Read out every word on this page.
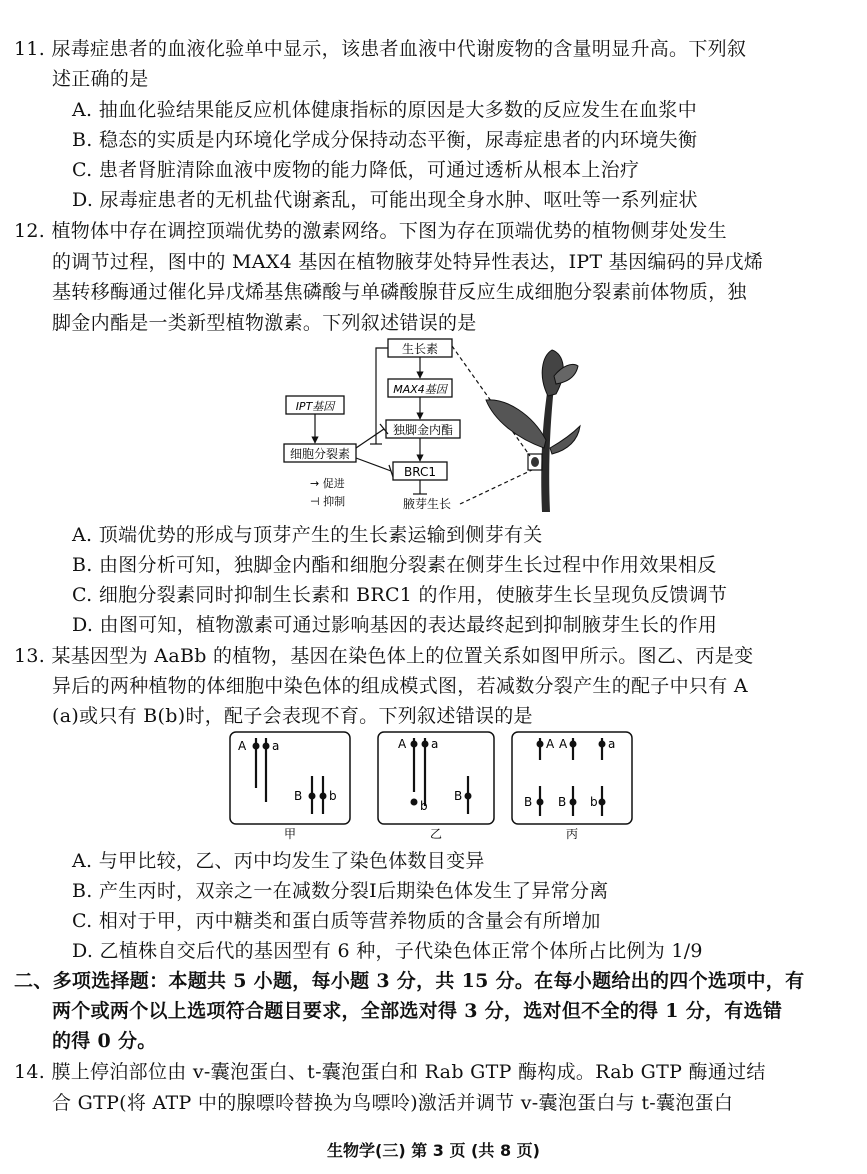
11. 尿毒症患者的血液化验单中显示，该患者血液中代谢废物的含量明显升高。下列叙
述正确的是
A. 抽血化验结果能反应机体健康指标的原因是大多数的反应发生在血浆中
B. 稳态的实质是内环境化学成分保持动态平衡，尿毒症患者的内环境失衡
C. 患者肾脏清除血液中废物的能力降低，可通过透析从根本上治疗
D. 尿毒症患者的无机盐代谢紊乱，可能出现全身水肿、呕吐等一系列症状
12. 植物体中存在调控顶端优势的激素网络。下图为存在顶端优势的植物侧芽处发生
的调节过程，图中的 MAX4 基因在植物腋芽处特异性表达，IPT 基因编码的异戊烯
基转移酶通过催化异戊烯基焦磷酸与单磷酸腺苷反应生成细胞分裂素前体物质，独
脚金内酯是一类新型植物激素。下列叙述错误的是
生长素
MAX4基因
独脚金内酯
IPT基因
细胞分裂素
BRC1
腋芽生长
→ 促进
⊣ 抑制
A. 顶端优势的形成与顶芽产生的生长素运输到侧芽有关
B. 由图分析可知，独脚金内酯和细胞分裂素在侧芽生长过程中作用效果相反
C. 细胞分裂素同时抑制生长素和 BRC1 的作用，使腋芽生长呈现负反馈调节
D. 由图可知，植物激素可通过影响基因的表达最终起到抑制腋芽生长的作用
13. 某基因型为 AaBb 的植物，基因在染色体上的位置关系如图甲所示。图乙、丙是变
异后的两种植物的体细胞中染色体的组成模式图，若减数分裂产生的配子中只有 A
(a)或只有 B(b)时，配子会表现不育。下列叙述错误的是
A a
B b
A a
b
B
A A	a
B B b
甲	乙	丙
A. 与甲比较，乙、丙中均发生了染色体数目变异
B. 产生丙时，双亲之一在减数分裂Ⅰ后期染色体发生了异常分离
C. 相对于甲，丙中糖类和蛋白质等营养物质的含量会有所增加
D. 乙植株自交后代的基因型有 6 种，子代染色体正常个体所占比例为 1/9
二、多项选择题：本题共 5 小题，每小题 3 分，共 15 分。在每小题给出的四个选项中，有
两个或两个以上选项符合题目要求，全部选对得 3 分，选对但不全的得 1 分，有选错
的得 0 分。
14. 膜上停泊部位由 v-囊泡蛋白、t-囊泡蛋白和 Rab GTP 酶构成。Rab GTP 酶通过结
合 GTP(将 ATP 中的腺嘌呤替换为鸟嘌呤)激活并调节 v-囊泡蛋白与 t-囊泡蛋白
生物学(三) 第 3 页 (共 8 页)
